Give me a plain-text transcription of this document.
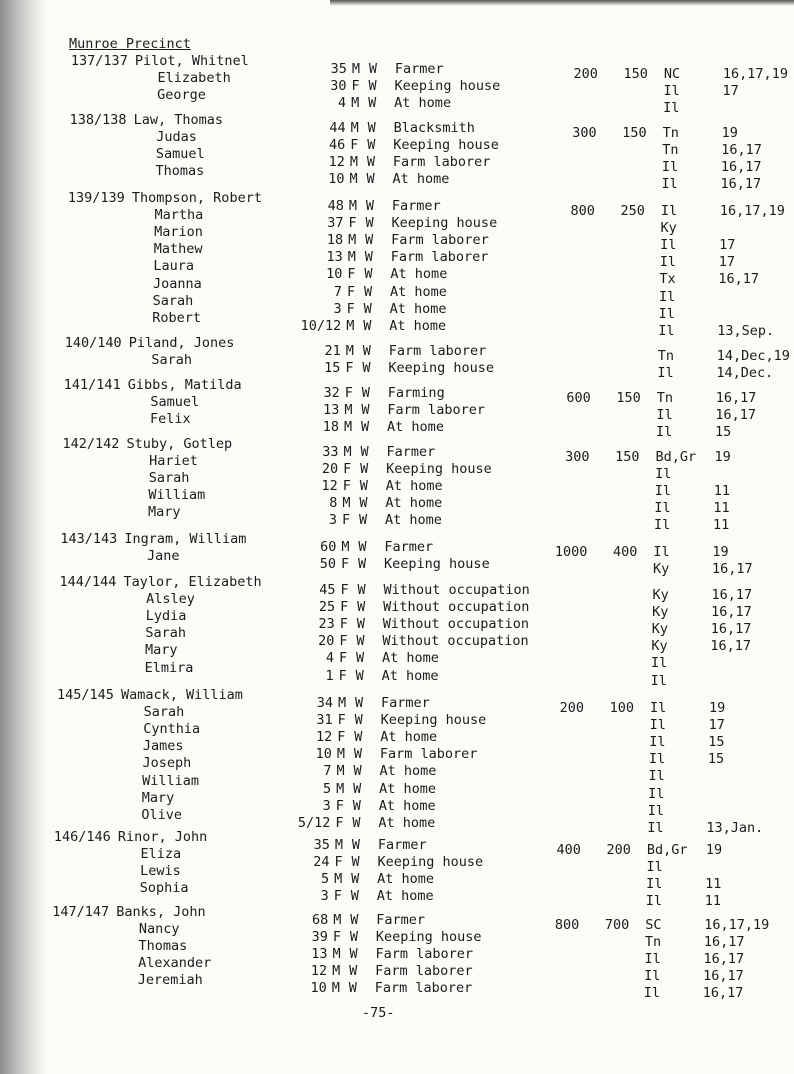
Munroe Precinct
-75-
137/137 Pilot, Whitnel	35 M W Farmer	200	150 NC	16,17,19
Elizabeth	30 F W Keeping house	Il	17
George	4 M W At home	Il
138/138 Law, Thomas	44 M W Blacksmith	300	150 Tn	19
Judas	46 F W Keeping house	Tn	16,17
Samuel	12 M W Farm laborer	Il	16,17
Thomas	10 M W At home	Il	16,17
139/139 Thompson, Robert	48 M W Farmer	800	250 Il	16,17,19
Martha	37 F W Keeping house	Ky
Marion	18 M W Farm laborer	Il	17
Mathew	13 M W Farm laborer	Il	17
Laura	10 F W At home	Tx	16,17
Joanna	7 F W At home	Il
Sarah	3 F W At home	Il
Robert	10/12 M W At home	Il	13,Sep.
140/140 Piland, Jones	21 M W Farm laborer	Tn	14,Dec,19
Sarah	15 F W Keeping house	Il	14,Dec.
141/141 Gibbs, Matilda	32 F W Farming	600	150 Tn	16,17
Samuel	13 M W Farm laborer	Il	16,17
Felix	18 M W At home	Il	15
142/142 Stuby, Gotlep	33 M W Farmer	300	150 Bd,Gr 19
Hariet	20 F W Keeping house	Il
Sarah	12 F W At home	Il	11
William	8 M W At home	Il	11
Mary	3 F W At home	Il	11
143/143 Ingram, William	60 M W Farmer	1000	400 Il	19
Jane	50 F W Keeping house	Ky	16,17
144/144 Taylor, Elizabeth	45 F W Without occupation	Ky	16,17
Alsley	25 F W Without occupation	Ky	16,17
Lydia	23 F W Without occupation	Ky	16,17
Sarah	20 F W Without occupation	Ky	16,17
Mary	4 F W At home	Il
Elmira	1 F W At home	Il
145/145 Wamack, William	34 M W Farmer	200	100 Il	19
Sarah	31 F W Keeping house	Il	17
Cynthia	12 F W At home	Il	15
James	10 M W Farm laborer	Il	15
Joseph	7 M W At home	Il
William	5 M W At home	Il
Mary	3 F W At home	Il
Olive	5/12 F W At home	Il	13,Jan.
146/146 Rinor, John	35 M W Farmer	400	200 Bd,Gr 19
Eliza	24 F W Keeping house	Il
Lewis	5 M W At home	Il	11
Sophia	3 F W At home	Il	11
147/147 Banks, John	68 M W Farmer	800	700 SC	16,17,19
Nancy	39 F W Keeping house	Tn	16,17
Thomas	13 M W Farm laborer	Il	16,17
Alexander	12 M W Farm laborer	Il	16,17
Jeremiah	10 M W Farm laborer	Il	16,17
